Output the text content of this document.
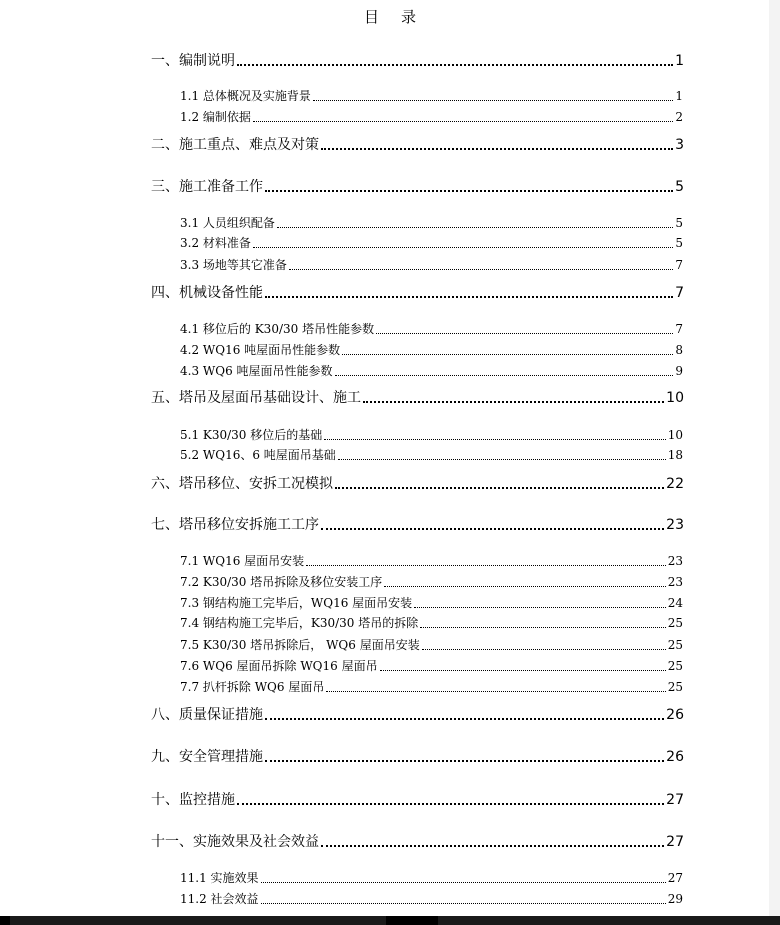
目 录
一、编制说明	1
1.1 总体概况及实施背景	1
1.2 编制依据	2
二、施工重点、难点及对策	3
三、施工准备工作	5
3.1 人员组织配备	5
3.2 材料准备	5
3.3 场地等其它准备	7
四、机械设备性能	7
4.1 移位后的 K30/30 塔吊性能参数	7
4.2 WQ16 吨屋面吊性能参数	8
4.3 WQ6 吨屋面吊性能参数	9
五、塔吊及屋面吊基础设计、施工	10
5.1 K30/30 移位后的基础	10
5.2 WQ16、6 吨屋面吊基础	18
六、塔吊移位、安拆工况模拟	22
七、塔吊移位安拆施工工序	23
7.1 WQ16 屋面吊安装	23
7.2 K30/30 塔吊拆除及移位安装工序	23
7.3 钢结构施工完毕后，WQ16 屋面吊安装	24
7.4 钢结构施工完毕后，K30/30 塔吊的拆除	25
7.5 K30/30 塔吊拆除后， WQ6 屋面吊安装	25
7.6 WQ6 屋面吊拆除 WQ16 屋面吊	25
7.7 扒杆拆除 WQ6 屋面吊	25
八、质量保证措施	26
九、安全管理措施	26
十、监控措施	27
十一、实施效果及社会效益	27
11.1 实施效果	27
11.2 社会效益	29
